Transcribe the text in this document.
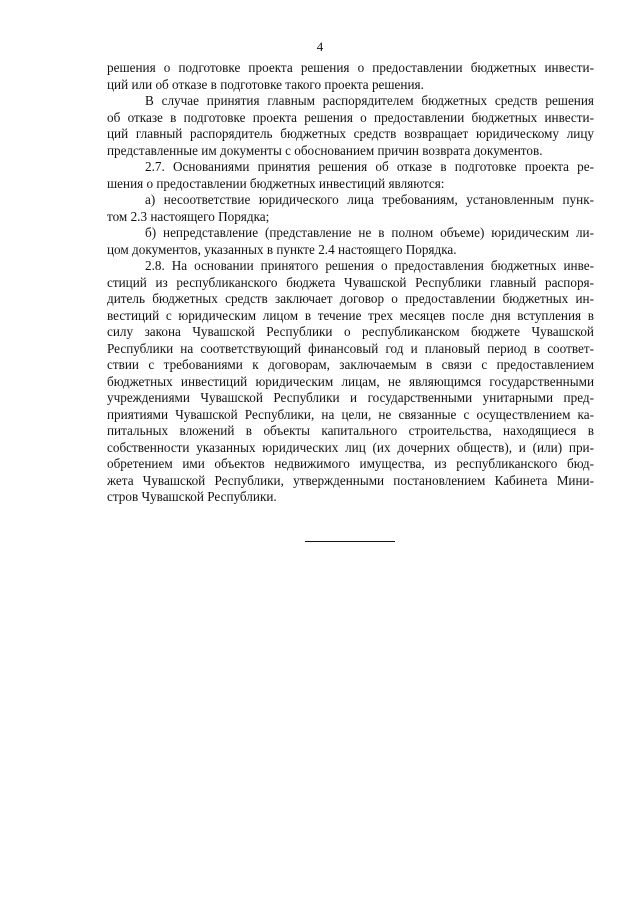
4
решения о подготовке проекта решения о предоставлении бюджетных инвести-
ций или об отказе в подготовке такого проекта решения.
В случае принятия главным распорядителем бюджетных средств решения
об отказе в подготовке проекта решения о предоставлении бюджетных инвести-
ций главный распорядитель бюджетных средств возвращает юридическому лицу
представленные им документы с обоснованием причин возврата документов.
2.7. Основаниями принятия решения об отказе в подготовке проекта ре-
шения о предоставлении бюджетных инвестиций являются:
а) несоответствие юридического лица требованиям, установленным пунк-
том 2.3 настоящего Порядка;
б) непредставление (представление не в полном объеме) юридическим ли-
цом документов, указанных в пункте 2.4 настоящего Порядка.
2.8. На основании принятого решения о предоставления бюджетных инве-
стиций из республиканского бюджета Чувашской Республики главный распоря-
дитель бюджетных средств заключает договор о предоставлении бюджетных ин-
вестиций с юридическим лицом в течение трех месяцев после дня вступления в
силу закона Чувашской Республики о республиканском бюджете Чувашской
Республики на соответствующий финансовый год и плановый период в соответ-
ствии с требованиями к договорам, заключаемым в связи с предоставлением
бюджетных инвестиций юридическим лицам, не являющимся государственными
учреждениями Чувашской Республики и государственными унитарными пред-
приятиями Чувашской Республики, на цели, не связанные с осуществлением ка-
питальных вложений в объекты капитального строительства, находящиеся в
собственности указанных юридических лиц (их дочерних обществ), и (или) при-
обретением ими объектов недвижимого имущества, из республиканского бюд-
жета Чувашской Республики, утвержденными постановлением Кабинета Мини-
стров Чувашской Республики.
